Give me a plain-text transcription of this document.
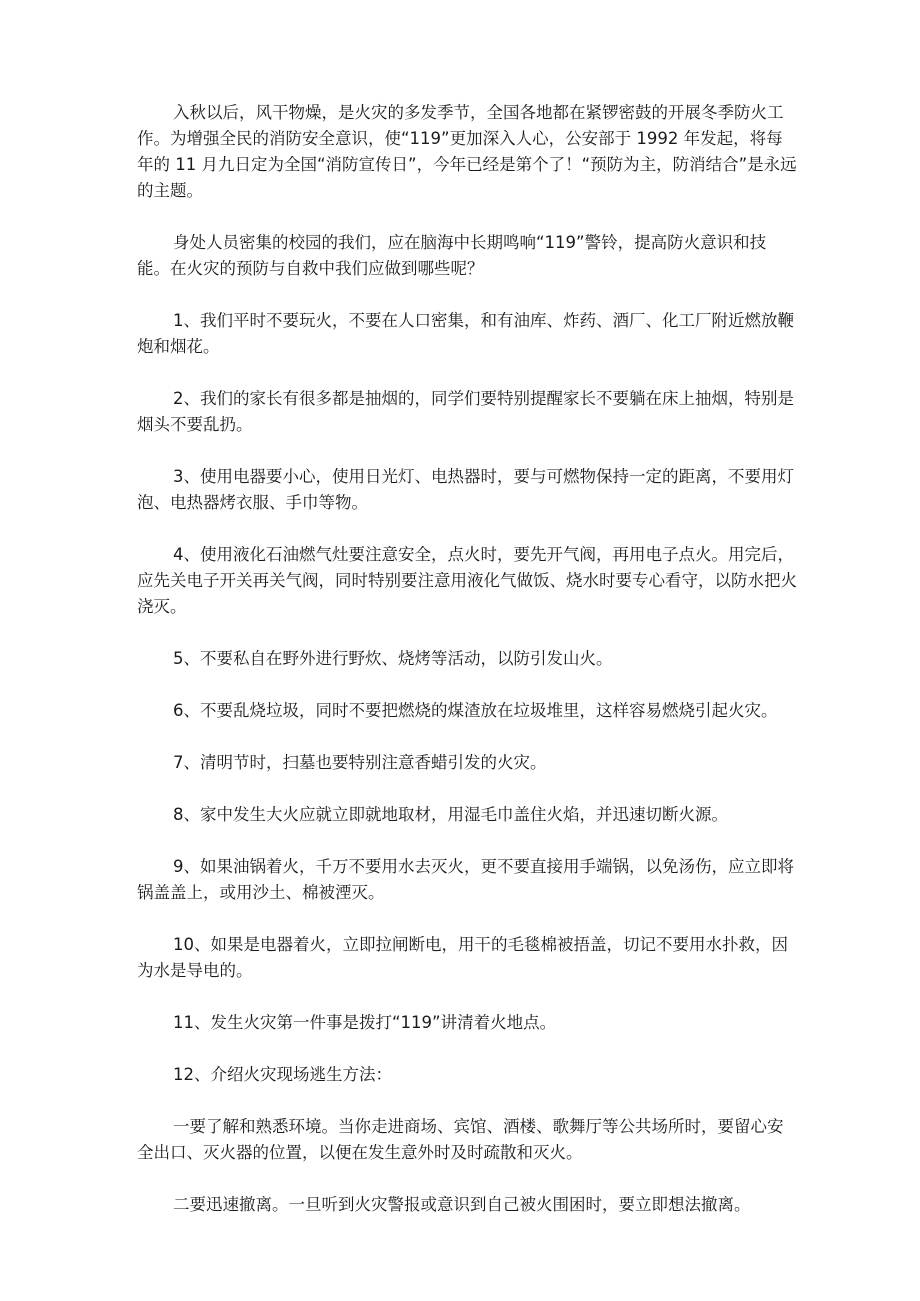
入秋以后，风干物燥，是火灾的多发季节，全国各地都在紧锣密鼓的开展冬季防火工作。为增强全民的消防安全意识，使“119”更加深入人心，公安部于 1992 年发起，将每年的 11 月九日定为全国“消防宣传日”，今年已经是第个了！“预防为主，防消结合”是永远的主题。

身处人员密集的校园的我们，应在脑海中长期鸣响“119”警铃，提高防火意识和技能。在火灾的预防与自救中我们应做到哪些呢？

1、我们平时不要玩火，不要在人口密集，和有油库、炸药、酒厂、化工厂附近燃放鞭炮和烟花。

2、我们的家长有很多都是抽烟的，同学们要特别提醒家长不要躺在床上抽烟，特别是烟头不要乱扔。

3、使用电器要小心，使用日光灯、电热器时，要与可燃物保持一定的距离，不要用灯泡、电热器烤衣服、手巾等物。

4、使用液化石油燃气灶要注意安全，点火时，要先开气阀，再用电子点火。用完后，应先关电子开关再关气阀，同时特别要注意用液化气做饭、烧水时要专心看守，以防水把火浇灭。

5、不要私自在野外进行野炊、烧烤等活动，以防引发山火。

6、不要乱烧垃圾，同时不要把燃烧的煤渣放在垃圾堆里，这样容易燃烧引起火灾。

7、清明节时，扫墓也要特别注意香蜡引发的火灾。

8、家中发生大火应就立即就地取材，用湿毛巾盖住火焰，并迅速切断火源。

9、如果油锅着火，千万不要用水去灭火，更不要直接用手端锅，以免汤伤，应立即将锅盖盖上，或用沙土、棉被湮灭。

10、如果是电器着火，立即拉闸断电，用干的毛毯棉被捂盖，切记不要用水扑救，因为水是导电的。

11、发生火灾第一件事是拨打“119”讲清着火地点。

12、介绍火灾现场逃生方法：

一要了解和熟悉环境。当你走进商场、宾馆、酒楼、歌舞厅等公共场所时，要留心安全出口、灭火器的位置，以便在发生意外时及时疏散和灭火。

二要迅速撤离。一旦听到火灾警报或意识到自己被火围困时，要立即想法撤离。
